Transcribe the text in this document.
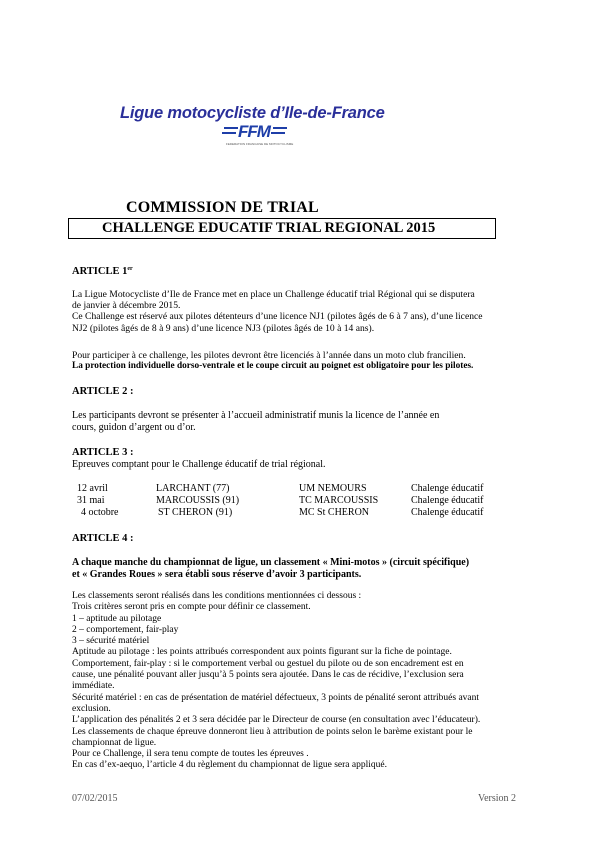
Ligue motocycliste d’Ile-de-France
FFM
FEDERATION FRANCAISE DE MOTOCYCLISME
COMMISSION DE TRIAL
CHALLENGE EDUCATIF TRIAL REGIONAL 2015
ARTICLE 1er
La Ligue Motocycliste d’Ile de France met en place un Challenge éducatif trial Régional qui se disputera
de janvier à décembre 2015.
Ce Challenge est réservé aux pilotes détenteurs d’une licence NJ1 (pilotes âgés de 6 à 7 ans), d’une licence
NJ2 (pilotes âgés de 8 à 9 ans) d’une licence NJ3 (pilotes âgés de 10 à 14 ans).
Pour participer à ce challenge, les pilotes devront être licenciés à l’année dans un moto club francilien.
La protection individuelle dorso-ventrale et le coupe circuit au poignet est obligatoire pour les pilotes.
ARTICLE 2 :
Les participants devront se présenter à l’accueil administratif munis la licence de l’année en
cours, guidon d’argent ou d’or.
ARTICLE 3 :
Epreuves comptant pour le Challenge éducatif de trial régional.
12 avril	LARCHANT (77)	UM NEMOURS	Chalenge éducatif
31 mai	MARCOUSSIS (91)	TC MARCOUSSIS	Chalenge éducatif
4 octobre	ST CHERON (91)	MC St CHERON	Chalenge éducatif
ARTICLE 4 :
A chaque manche du championnat de ligue, un classement « Mini-motos » (circuit spécifique)
et « Grandes Roues » sera établi sous réserve d’avoir 3 participants.
Les classements seront réalisés dans les conditions mentionnées ci dessous :
Trois critères seront pris en compte pour définir ce classement.
1 – aptitude au pilotage
2 – comportement, fair-play
3 – sécurité matériel
Aptitude au pilotage : les points attribués correspondent aux points figurant sur la fiche de pointage.
Comportement, fair-play : si le comportement verbal ou gestuel du pilote ou de son encadrement est en
cause, une pénalité pouvant aller jusqu’à 5 points sera ajoutée. Dans le cas de récidive, l’exclusion sera
immédiate.
Sécurité matériel : en cas de présentation de matériel défectueux, 3 points de pénalité seront attribués avant
exclusion.
L’application des pénalités 2 et 3 sera décidée par le Directeur de course (en consultation avec l’éducateur).
Les classements de chaque épreuve donneront lieu à attribution de points selon le barème existant pour le
championnat de ligue.
Pour ce Challenge, il sera tenu compte de toutes les épreuves .
En cas d’ex-aequo, l’article 4 du règlement du championnat de ligue sera appliqué.
07/02/2015	Version 2
